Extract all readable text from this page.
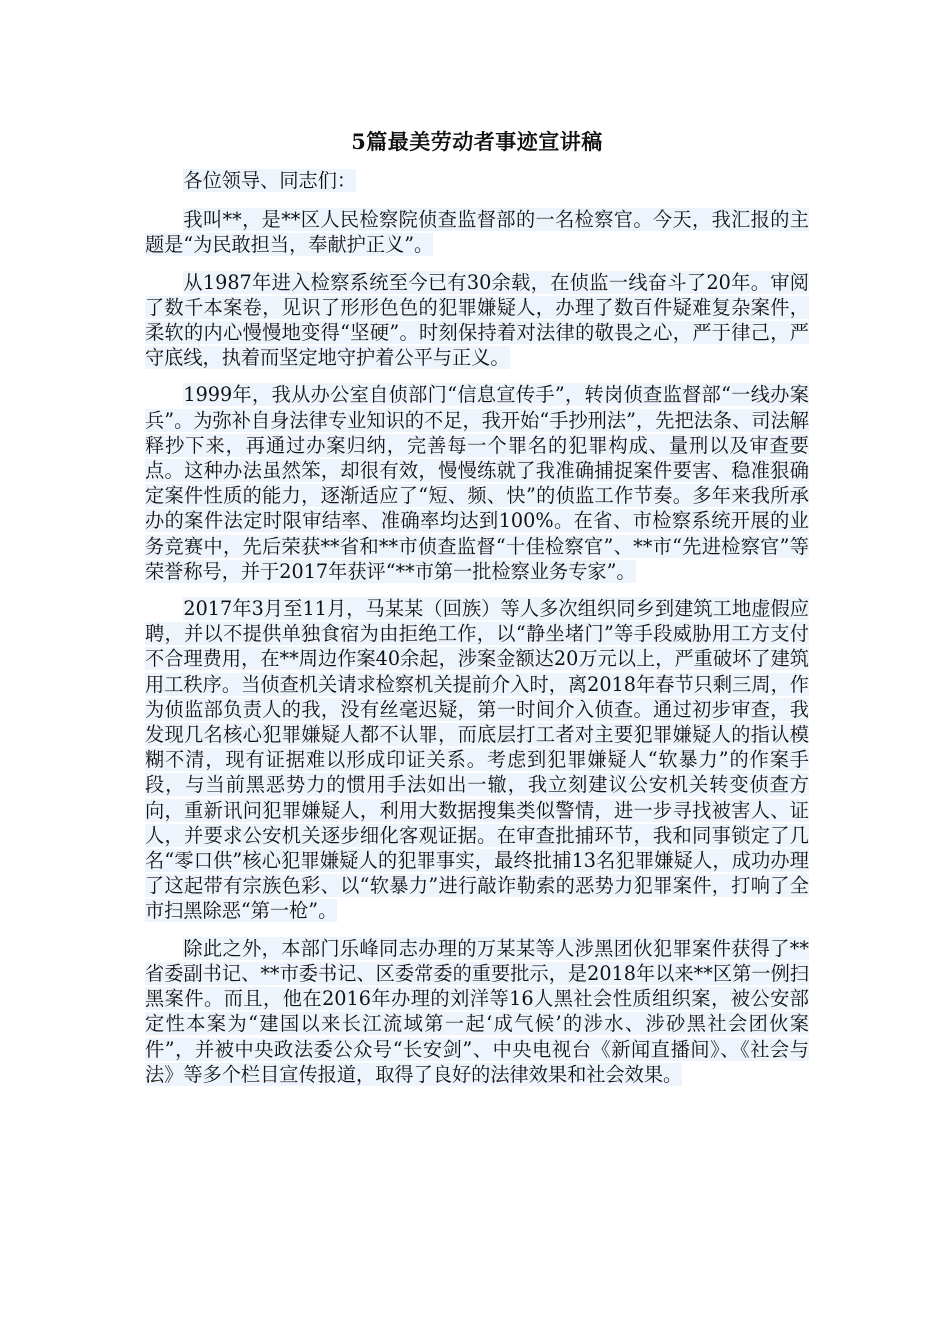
5篇最美劳动者事迹宣讲稿

各位领导、同志们：

我叫**，是**区人民检察院侦查监督部的一名检察官。今天，我汇报的主题是“为民敢担当，奉献护正义”。

从1987年进入检察系统至今已有30余载，在侦监一线奋斗了20年。审阅了数千本案卷，见识了形形色色的犯罪嫌疑人，办理了数百件疑难复杂案件，柔软的内心慢慢地变得“坚硬”。时刻保持着对法律的敬畏之心，严于律己，严守底线，执着而坚定地守护着公平与正义。

1999年，我从办公室自侦部门“信息宣传手”，转岗侦查监督部“一线办案兵”。为弥补自身法律专业知识的不足，我开始“手抄刑法”，先把法条、司法解释抄下来，再通过办案归纳，完善每一个罪名的犯罪构成、量刑以及审查要点。这种办法虽然笨，却很有效，慢慢练就了我准确捕捉案件要害、稳准狠确定案件性质的能力，逐渐适应了“短、频、快”的侦监工作节奏。多年来我所承办的案件法定时限审结率、准确率均达到100%。在省、市检察系统开展的业务竞赛中，先后荣获**省和**市侦查监督“十佳检察官”、**市“先进检察官”等荣誉称号，并于2017年获评“**市第一批检察业务专家”。

2017年3月至11月，马某某（回族）等人多次组织同乡到建筑工地虚假应聘，并以不提供单独食宿为由拒绝工作，以“静坐堵门”等手段威胁用工方支付不合理费用，在**周边作案40余起，涉案金额达20万元以上，严重破坏了建筑用工秩序。当侦查机关请求检察机关提前介入时，离2018年春节只剩三周，作为侦监部负责人的我，没有丝毫迟疑，第一时间介入侦查。通过初步审查，我发现几名核心犯罪嫌疑人都不认罪，而底层打工者对主要犯罪嫌疑人的指认模糊不清，现有证据难以形成印证关系。考虑到犯罪嫌疑人“软暴力”的作案手段，与当前黑恶势力的惯用手法如出一辙，我立刻建议公安机关转变侦查方向，重新讯问犯罪嫌疑人，利用大数据搜集类似警情，进一步寻找被害人、证人，并要求公安机关逐步细化客观证据。在审查批捕环节，我和同事锁定了几名“零口供”核心犯罪嫌疑人的犯罪事实，最终批捕13名犯罪嫌疑人，成功办理了这起带有宗族色彩、以“软暴力”进行敲诈勒索的恶势力犯罪案件，打响了全市扫黑除恶“第一枪”。

除此之外，本部门乐峰同志办理的万某某等人涉黑团伙犯罪案件获得了**省委副书记、**市委书记、区委常委的重要批示，是2018年以来**区第一例扫黑案件。而且，他在2016年办理的刘洋等16人黑社会性质组织案，被公安部定性本案为“建国以来长江流域第一起‘成气候’的涉水、涉砂黑社会团伙案件”，并被中央政法委公众号“长安剑”、中央电视台《新闻直播间》、《社会与法》等多个栏目宣传报道，取得了良好的法律效果和社会效果。
